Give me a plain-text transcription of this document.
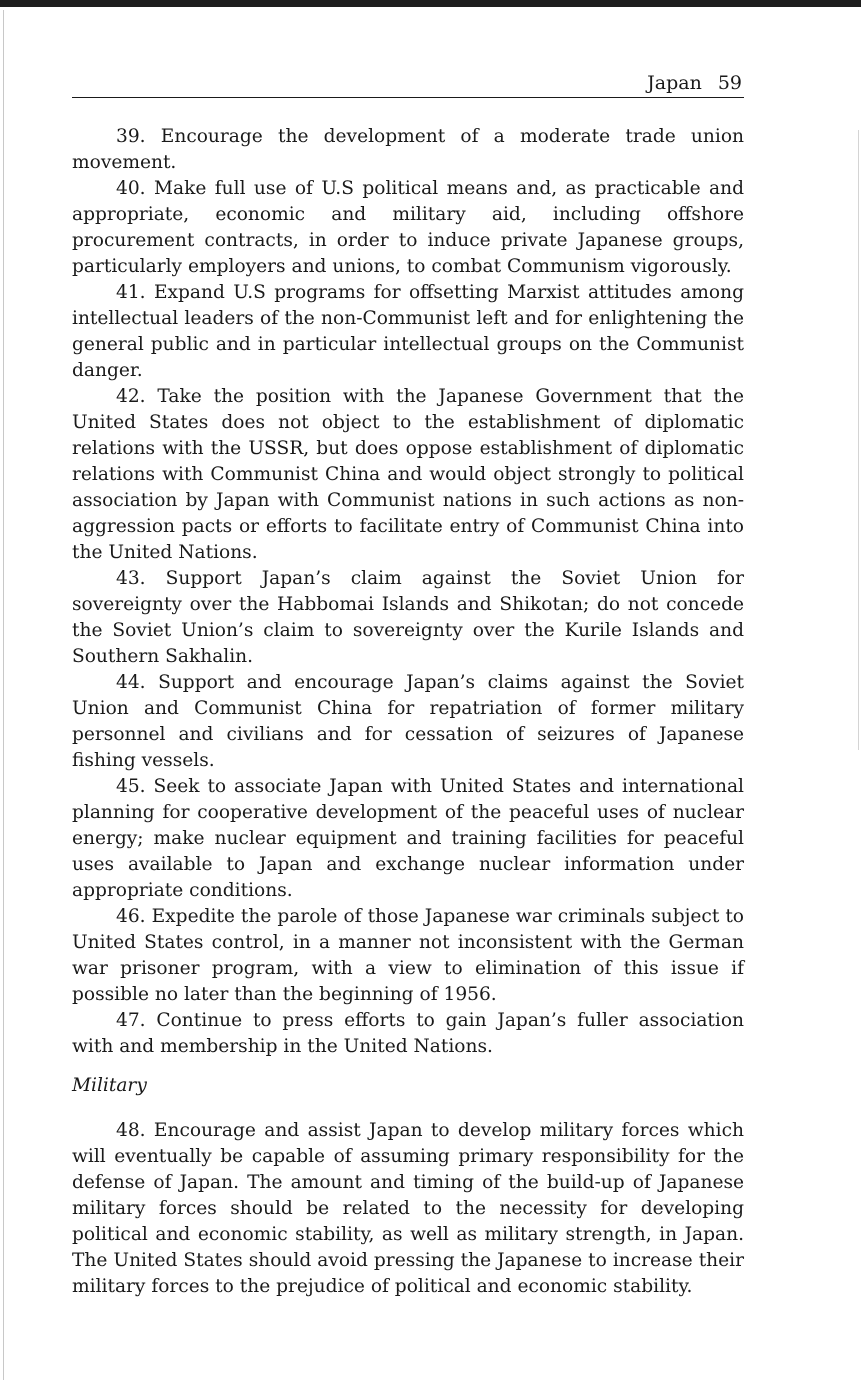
Japan 59

39. Encourage the development of a moderate trade union movement.

40. Make full use of U.S political means and, as practicable and appropriate, economic and military aid, including offshore procurement contracts, in order to induce private Japanese groups, particularly employers and unions, to combat Communism vigorously.

41. Expand U.S programs for offsetting Marxist attitudes among intellectual leaders of the non-Communist left and for enlightening the general public and in particular intellectual groups on the Communist danger.

42. Take the position with the Japanese Government that the United States does not object to the establishment of diplomatic relations with the USSR, but does oppose establishment of diplomatic relations with Communist China and would object strongly to political association by Japan with Communist nations in such actions as non-aggression pacts or efforts to facilitate entry of Communist China into the United Nations.

43. Support Japan’s claim against the Soviet Union for sovereignty over the Habbomai Islands and Shikotan; do not concede the Soviet Union’s claim to sovereignty over the Kurile Islands and Southern Sakhalin.

44. Support and encourage Japan’s claims against the Soviet Union and Communist China for repatriation of former military personnel and civilians and for cessation of seizures of Japanese fishing vessels.

45. Seek to associate Japan with United States and international planning for cooperative development of the peaceful uses of nuclear energy; make nuclear equipment and training facilities for peaceful uses available to Japan and exchange nuclear information under appropriate conditions.

46. Expedite the parole of those Japanese war criminals subject to United States control, in a manner not inconsistent with the German war prisoner program, with a view to elimination of this issue if possible no later than the beginning of 1956.

47. Continue to press efforts to gain Japan’s fuller association with and membership in the United Nations.

Military

48. Encourage and assist Japan to develop military forces which will eventually be capable of assuming primary responsibility for the defense of Japan. The amount and timing of the build-up of Japanese military forces should be related to the necessity for developing political and economic stability, as well as military strength, in Japan. The United States should avoid pressing the Japanese to increase their military forces to the prejudice of political and economic stability.
